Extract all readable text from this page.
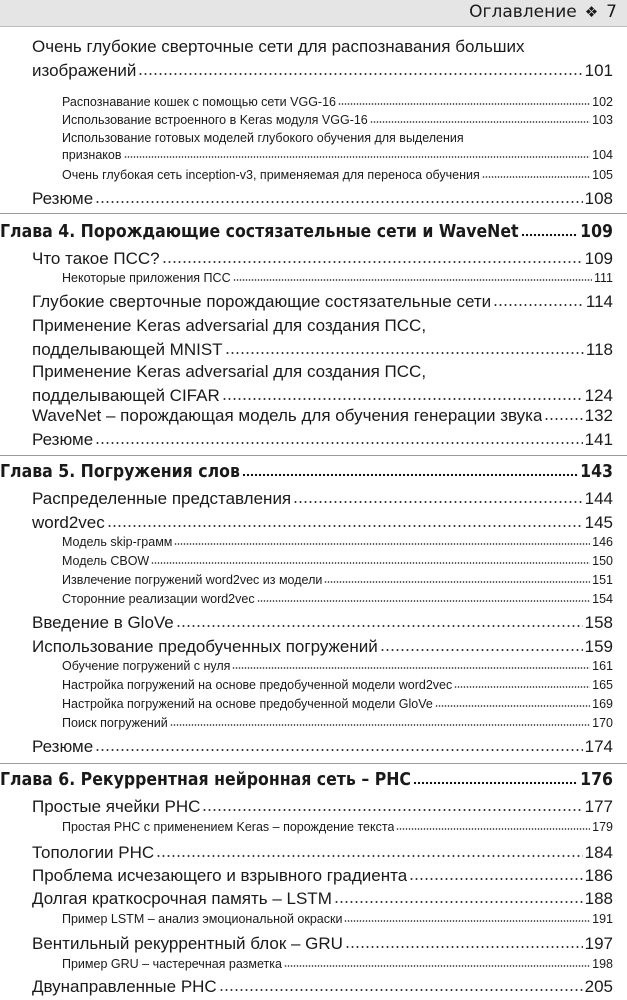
Оглавление ❖ 7
Очень глубокие сверточные сети для распознавания больших
изображений	101
Распознавание кошек с помощью сети VGG-16	102
Использование встроенного в Keras модуля VGG-16	103
Использование готовых моделей глубокого обучения для выделения
признаков	104
Очень глубокая сеть inception-v3, применяемая для переноса обучения	105
Резюме	108
Глава 4. Порождающие состязательные сети и WaveNet	109
Что такое ПСС?	109
Некоторые приложения ПСС	111
Глубокие сверточные порождающие состязательные сети	114
Применение Keras adversarial для создания ПСС,
подделывающей MNIST	118
Применение Keras adversarial для создания ПСС,
подделывающей CIFAR	124
WaveNet – порождающая модель для обучения генерации звука 132
Резюме	141
Глава 5. Погружения слов	143
Распределенные представления	144
word2vec	145
Модель skip-грамм	146
Модель CBOW	150
Извлечение погружений word2vec из модели	151
Сторонние реализации word2vec	154
Введение в GloVe	158
Использование предобученных погружений	159
Обучение погружений с нуля	161
Настройка погружений на основе предобученной модели word2vec	165
Настройка погружений на основе предобученной модели GloVe	169
Поиск погружений	170
Резюме	174
Глава 6. Рекуррентная нейронная сеть – РНС	176
Простые ячейки РНС	177
Простая РНС с применением Keras – порождение текста	179
Топологии РНС	184
Проблема исчезающего и взрывного градиента	186
Долгая краткосрочная память – LSTM	188
Пример LSTM – анализ эмоциональной окраски	191
Вентильный рекуррентный блок – GRU	197
Пример GRU – частеречная разметка	198
Двунаправленные РНС	205
